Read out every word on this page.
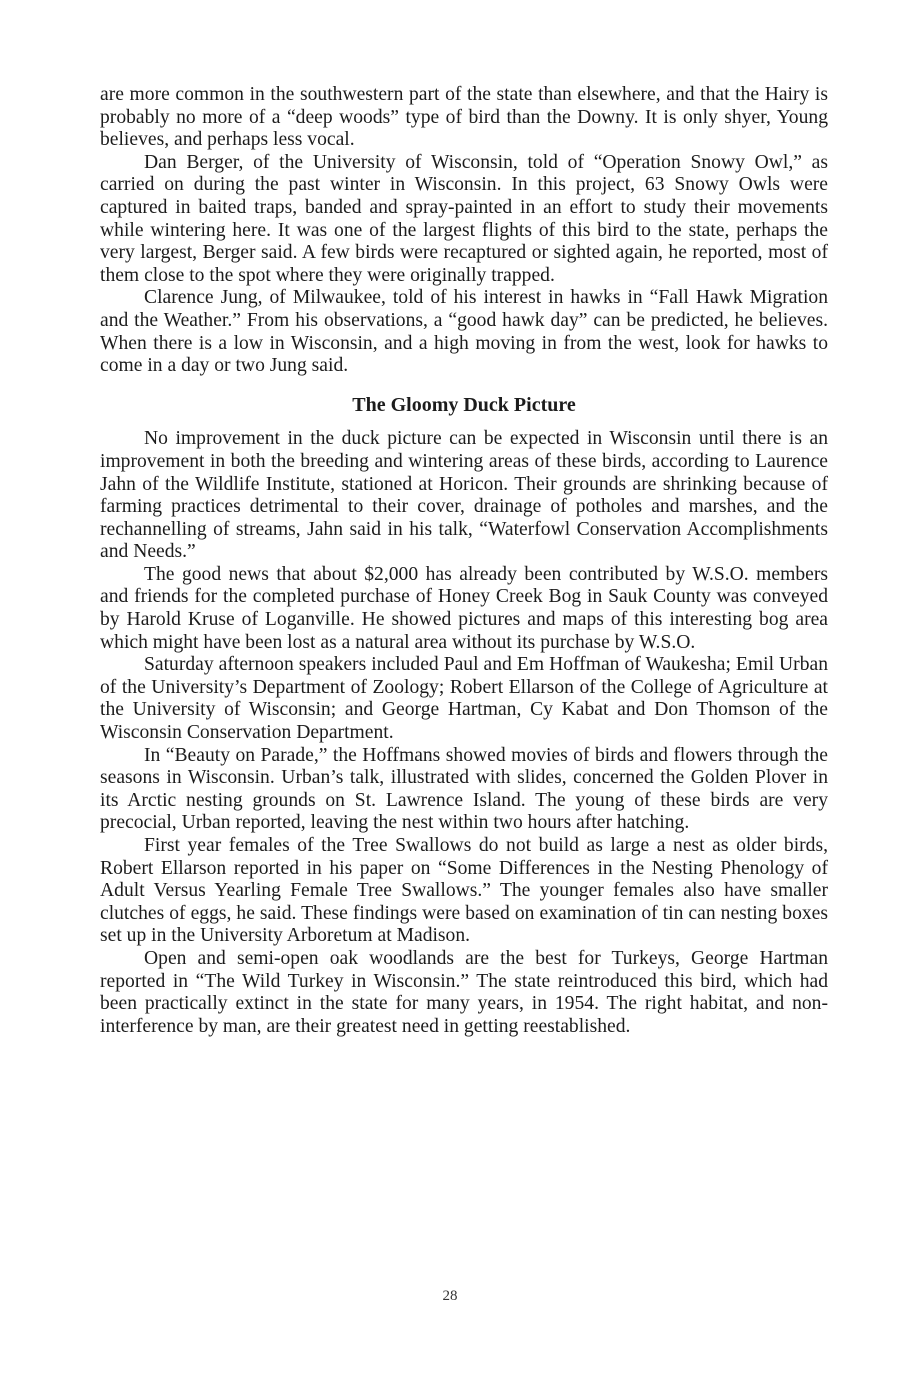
are more common in the southwestern part of the state than elsewhere, and that the Hairy is probably no more of a “deep woods” type of bird than the Downy. It is only shyer, Young believes, and perhaps less vocal.

Dan Berger, of the University of Wisconsin, told of “Operation Snowy Owl,” as carried on during the past winter in Wisconsin. In this project, 63 Snowy Owls were captured in baited traps, banded and spray-painted in an effort to study their movements while wintering here. It was one of the largest flights of this bird to the state, perhaps the very largest, Berger said. A few birds were recaptured or sighted again, he reported, most of them close to the spot where they were originally trapped.

Clarence Jung, of Milwaukee, told of his interest in hawks in “Fall Hawk Migration and the Weather.” From his observations, a “good hawk day” can be predicted, he believes. When there is a low in Wisconsin, and a high moving in from the west, look for hawks to come in a day or two Jung said.

The Gloomy Duck Picture

No improvement in the duck picture can be expected in Wisconsin until there is an improvement in both the breeding and wintering areas of these birds, according to Laurence Jahn of the Wildlife Institute, stationed at Horicon. Their grounds are shrinking because of farming practices detrimental to their cover, drainage of potholes and marshes, and the rechannelling of streams, Jahn said in his talk, “Waterfowl Conservation Accomplishments and Needs.”

The good news that about $2,000 has already been contributed by W.S.O. members and friends for the completed purchase of Honey Creek Bog in Sauk County was conveyed by Harold Kruse of Loganville. He showed pictures and maps of this interesting bog area which might have been lost as a natural area without its purchase by W.S.O.

Saturday afternoon speakers included Paul and Em Hoffman of Waukesha; Emil Urban of the University’s Department of Zoology; Robert Ellarson of the College of Agriculture at the University of Wisconsin; and George Hartman, Cy Kabat and Don Thomson of the Wisconsin Conservation Department.

In “Beauty on Parade,” the Hoffmans showed movies of birds and flowers through the seasons in Wisconsin. Urban’s talk, illustrated with slides, concerned the Golden Plover in its Arctic nesting grounds on St. Lawrence Island. The young of these birds are very precocial, Urban reported, leaving the nest within two hours after hatching.

First year females of the Tree Swallows do not build as large a nest as older birds, Robert Ellarson reported in his paper on “Some Differences in the Nesting Phenology of Adult Versus Yearling Female Tree Swallows.” The younger females also have smaller clutches of eggs, he said. These findings were based on examination of tin can nesting boxes set up in the University Arboretum at Madison.

Open and semi-open oak woodlands are the best for Turkeys, George Hartman reported in “The Wild Turkey in Wisconsin.” The state reintroduced this bird, which had been practically extinct in the state for many years, in 1954. The right habitat, and non-interference by man, are their greatest need in getting reestablished.

28
